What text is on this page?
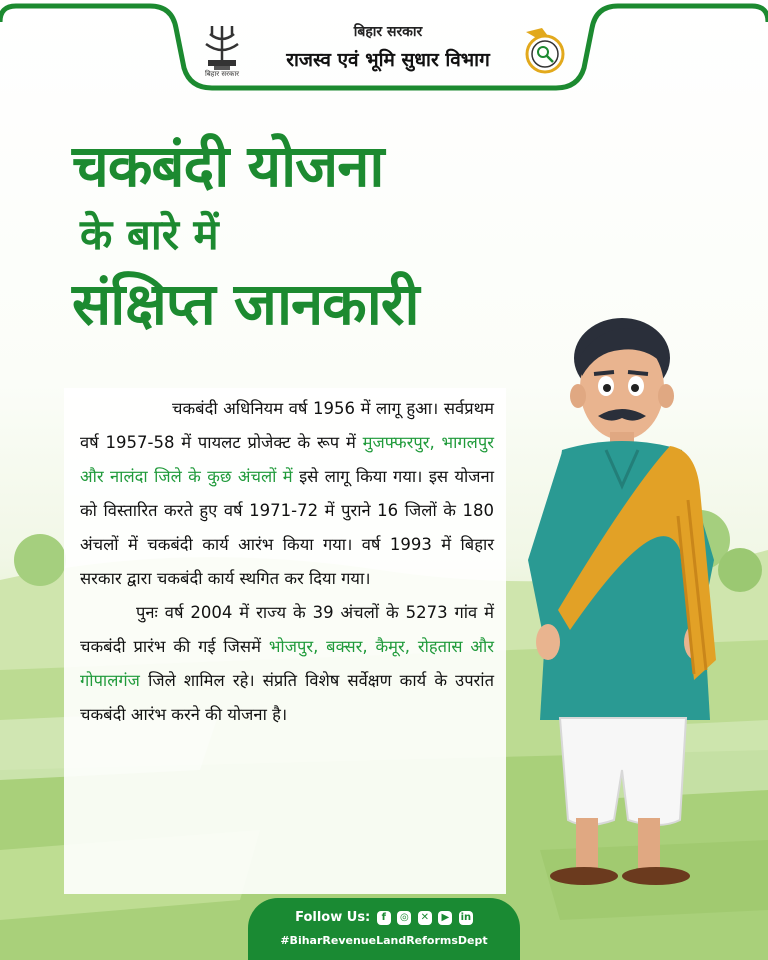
बिहार सरकार
बिहार सरकार
राजस्व एवं भूमि सुधार विभाग
चकबंदी योजना
के बारे में
संक्षिप्त जानकारी

चकबंदी अधिनियम वर्ष 1956 में लागू हुआ। सर्वप्रथम वर्ष 1957-58 में पायलट प्रोजेक्ट के रूप में मुजफ्फरपुर, भागलपुर और नालंदा जिले के कुछ अंचलों में इसे लागू किया गया। इस योजना को विस्तारित करते हुए वर्ष 1971-72 में पुराने 16 जिलों के 180 अंचलों में चकबंदी कार्य आरंभ किया गया। वर्ष 1993 में बिहार सरकार द्वारा चकबंदी कार्य स्थगित कर दिया गया।

पुनः वर्ष 2004 में राज्य के 39 अंचलों के 5273 गांव में चकबंदी प्रारंभ की गई जिसमें भोजपुर, बक्सर, कैमूर, रोहतास और गोपालगंज जिले शामिल रहे। संप्रति विशेष सर्वेक्षण कार्य के उपरांत चकबंदी आरंभ करने की योजना है।

Follow Us: f ◎ ✕ ▶ in
#BiharRevenueLandReformsDept
